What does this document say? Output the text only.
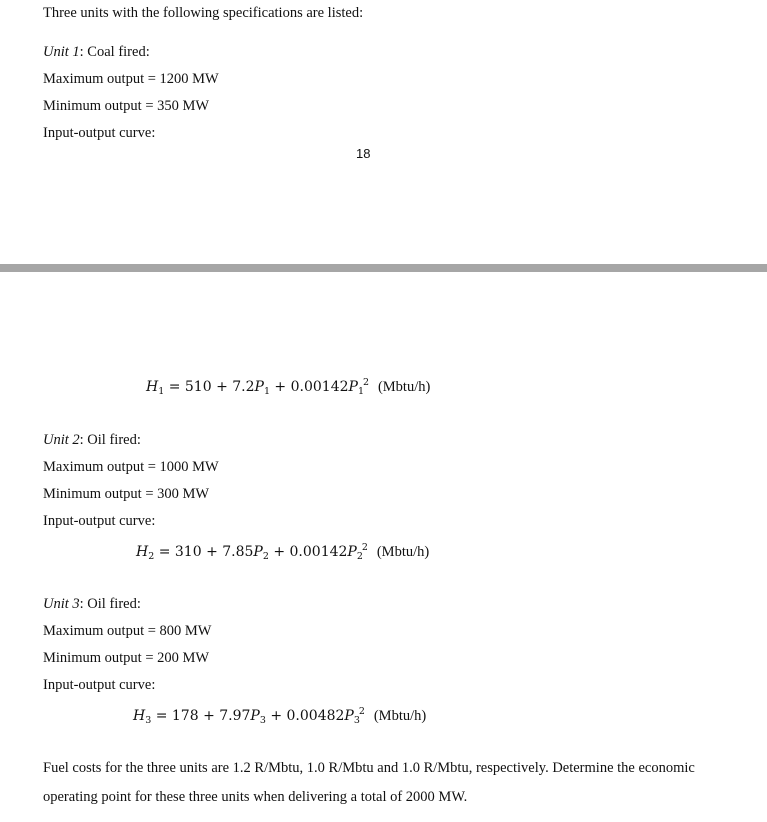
Three units with the following specifications are listed:
Unit 1: Coal fired:
Maximum output = 1200 MW
Minimum output = 350 MW
Input-output curve:
18
$H_1 = 510 + 7.2P_1 + 0.00142P_1^2$ (Mbtu/h)
Unit 2: Oil fired:
Maximum output = 1000 MW
Minimum output = 300 MW
Input-output curve:
$H_2 = 310 + 7.85P_2 + 0.00142P_2^2$ (Mbtu/h)
Unit 3: Oil fired:
Maximum output = 800 MW
Minimum output = 200 MW
Input-output curve:
$H_3 = 178 + 7.97P_3 + 0.00482P_3^2$ (Mbtu/h)
Fuel costs for the three units are 1.2 R/Mbtu, 1.0 R/Mbtu and 1.0 R/Mbtu, respectively. Determine the economic operating point for these three units when delivering a total of 2000 MW.
